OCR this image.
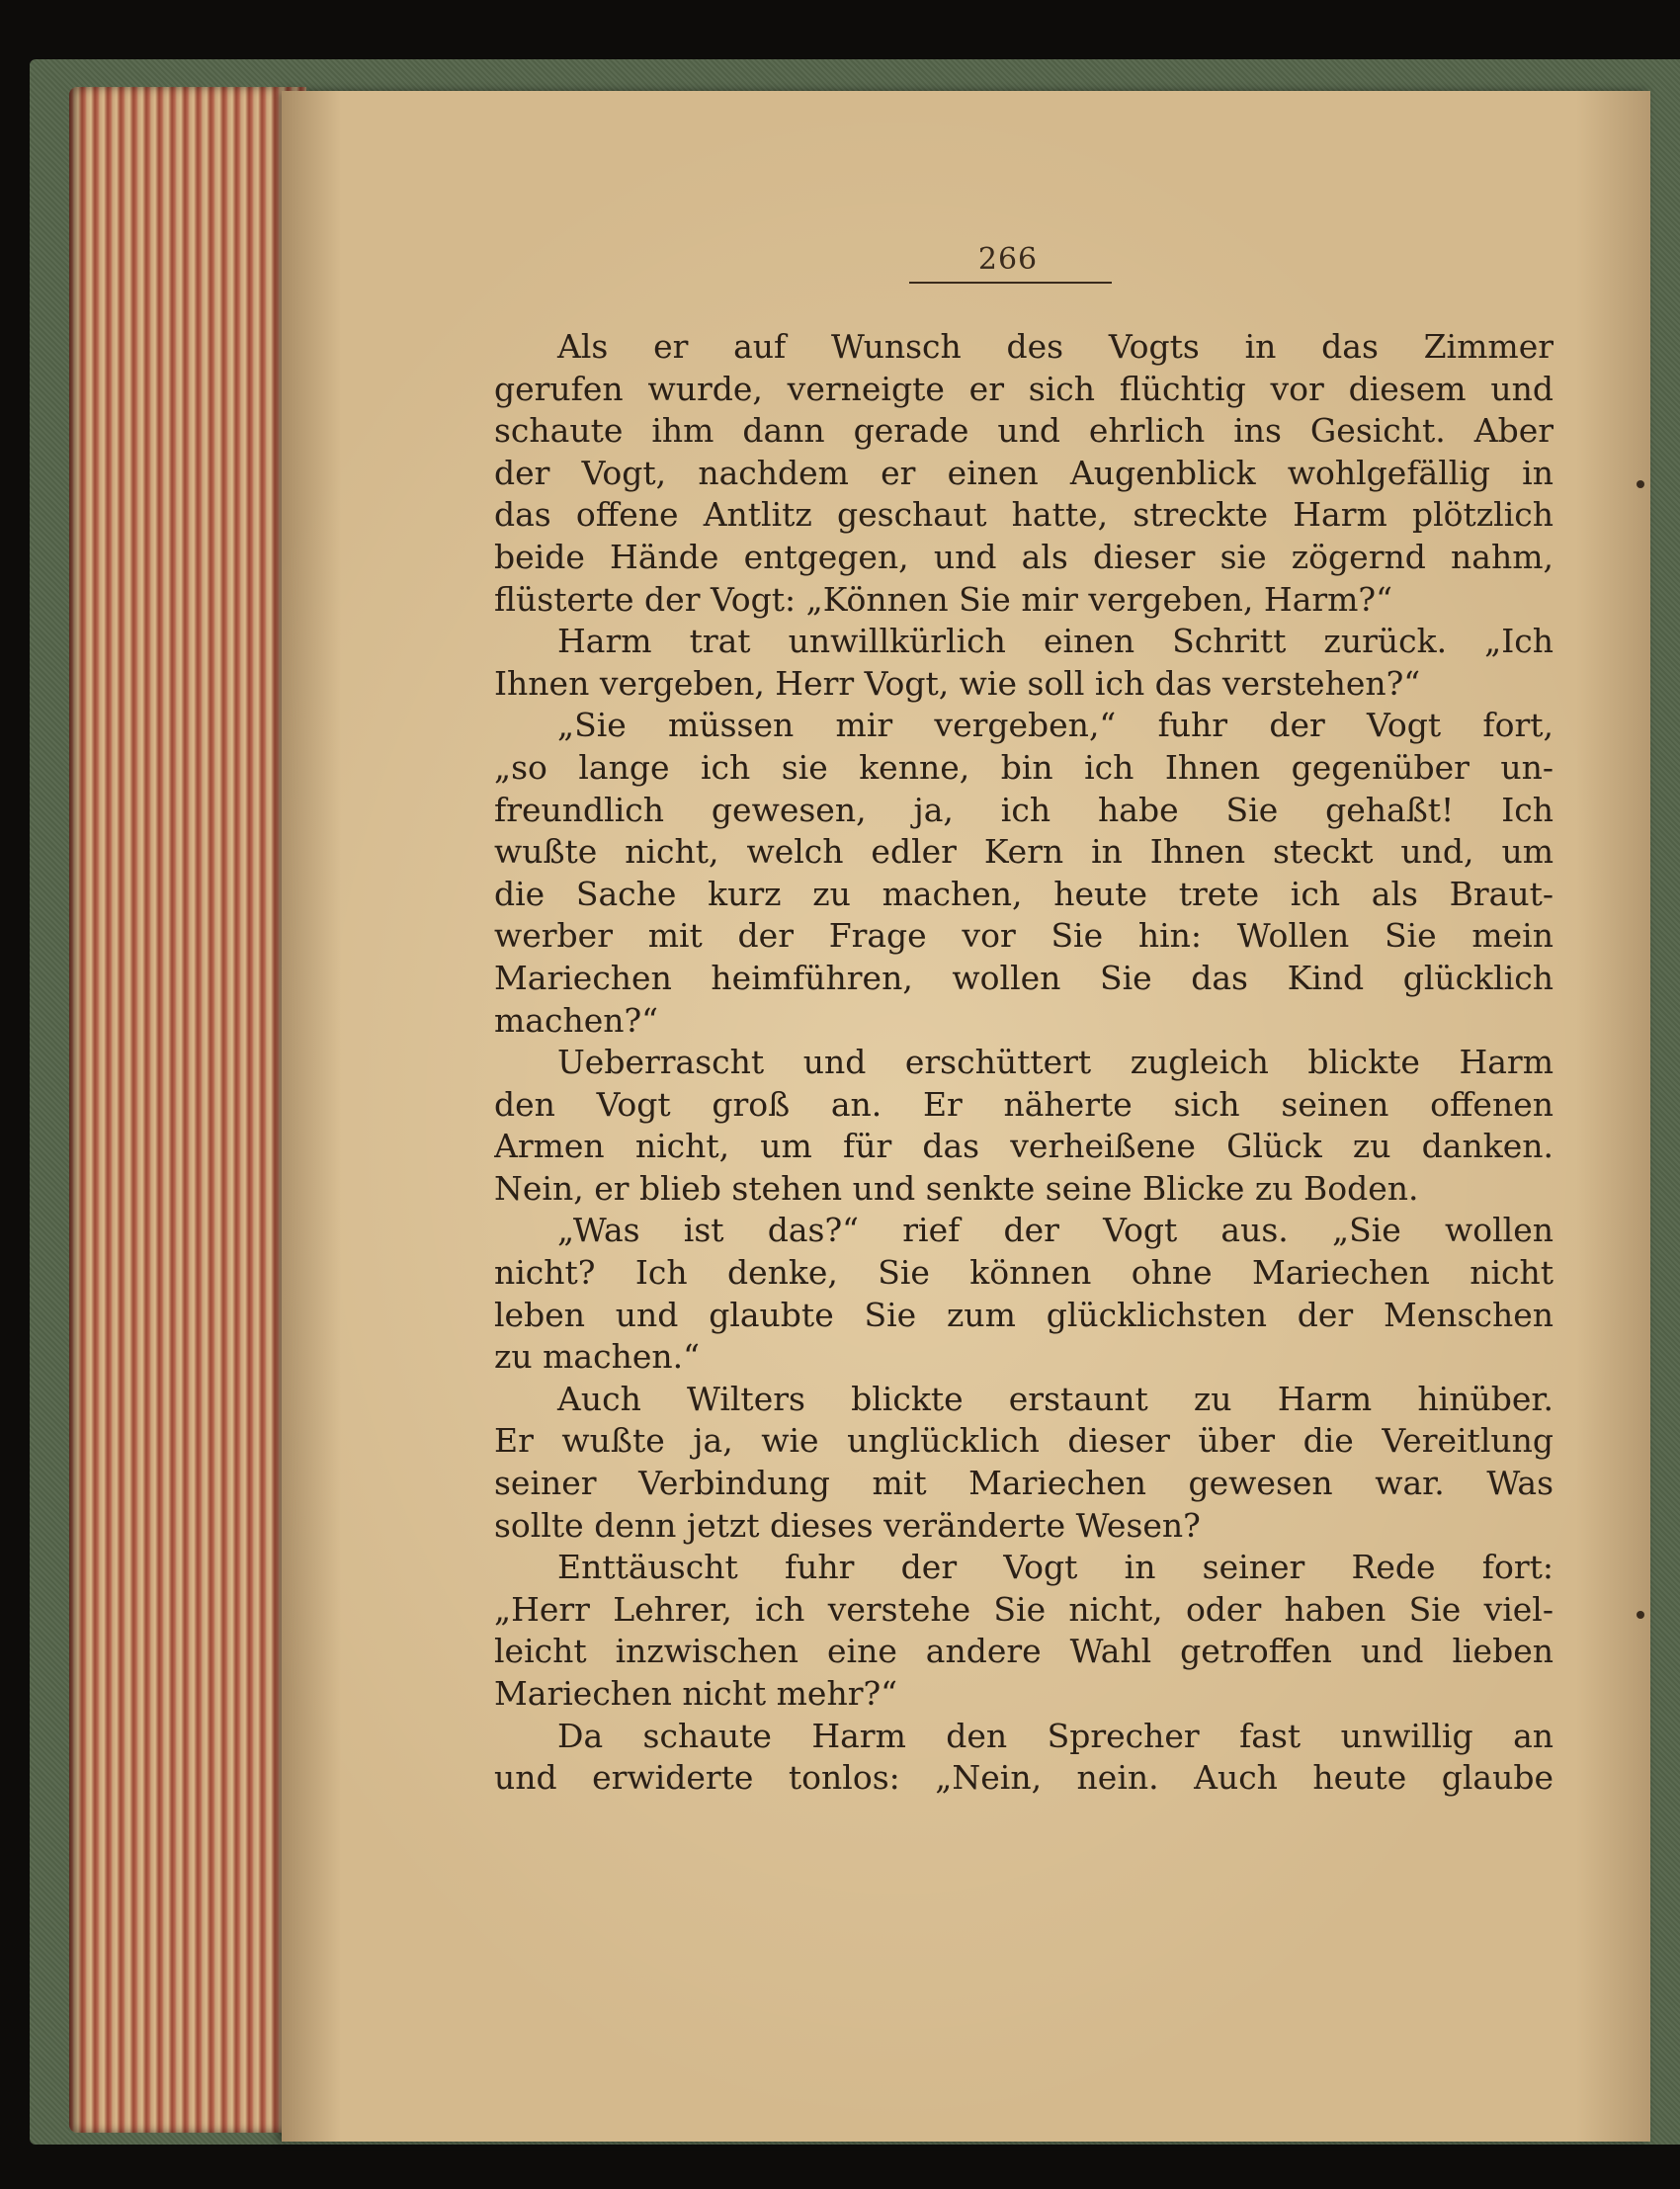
266
Als er auf Wunsch des Vogts in das Zimmer
gerufen wurde, verneigte er sich flüchtig vor diesem und
schaute ihm dann gerade und ehrlich ins Gesicht. Aber
der Vogt, nachdem er einen Augenblick wohlgefällig in
das offene Antlitz geschaut hatte, streckte Harm plötzlich
beide Hände entgegen, und als dieser sie zögernd nahm,
flüsterte der Vogt: „Können Sie mir vergeben, Harm?“
Harm trat unwillkürlich einen Schritt zurück. „Ich
Ihnen vergeben, Herr Vogt, wie soll ich das verstehen?“
„Sie müssen mir vergeben,“ fuhr der Vogt fort,
„so lange ich sie kenne, bin ich Ihnen gegenüber un-
freundlich gewesen, ja, ich habe Sie gehaßt! Ich
wußte nicht, welch edler Kern in Ihnen steckt und, um
die Sache kurz zu machen, heute trete ich als Braut-
werber mit der Frage vor Sie hin: Wollen Sie mein
Mariechen heimführen, wollen Sie das Kind glücklich
machen?“
Ueberrascht und erschüttert zugleich blickte Harm
den Vogt groß an. Er näherte sich seinen offenen
Armen nicht, um für das verheißene Glück zu danken.
Nein, er blieb stehen und senkte seine Blicke zu Boden.
„Was ist das?“ rief der Vogt aus. „Sie wollen
nicht? Ich denke, Sie können ohne Mariechen nicht
leben und glaubte Sie zum glücklichsten der Menschen
zu machen.“
Auch Wilters blickte erstaunt zu Harm hinüber.
Er wußte ja, wie unglücklich dieser über die Vereitlung
seiner Verbindung mit Mariechen gewesen war. Was
sollte denn jetzt dieses veränderte Wesen?
Enttäuscht fuhr der Vogt in seiner Rede fort:
„Herr Lehrer, ich verstehe Sie nicht, oder haben Sie viel-
leicht inzwischen eine andere Wahl getroffen und lieben
Mariechen nicht mehr?“
Da schaute Harm den Sprecher fast unwillig an
und erwiderte tonlos: „Nein, nein. Auch heute glaube
